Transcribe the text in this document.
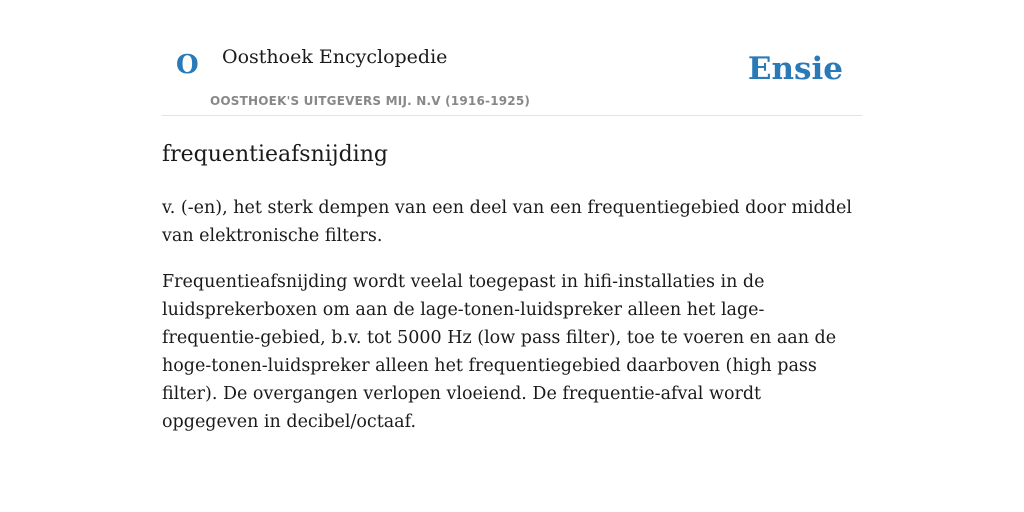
O Oosthoek Encyclopedie
OOSTHOEK'S UITGEVERS MIJ. N.V (1916-1925)
Ensie
frequentieafsnijding

v. (-en), het sterk dempen van een deel van een frequentiegebied door middel van elektronische filters.

Frequentieafsnijding wordt veelal toegepast in hifi-installaties in de luidsprekerboxen om aan de lage-tonen-luidspreker alleen het lage-frequentie-gebied, b.v. tot 5000 Hz (low pass filter), toe te voeren en aan de hoge-tonen-luidspreker alleen het frequentiegebied daarboven (high pass filter). De overgangen verlopen vloeiend. De frequentie-afval wordt opgegeven in decibel/octaaf.
